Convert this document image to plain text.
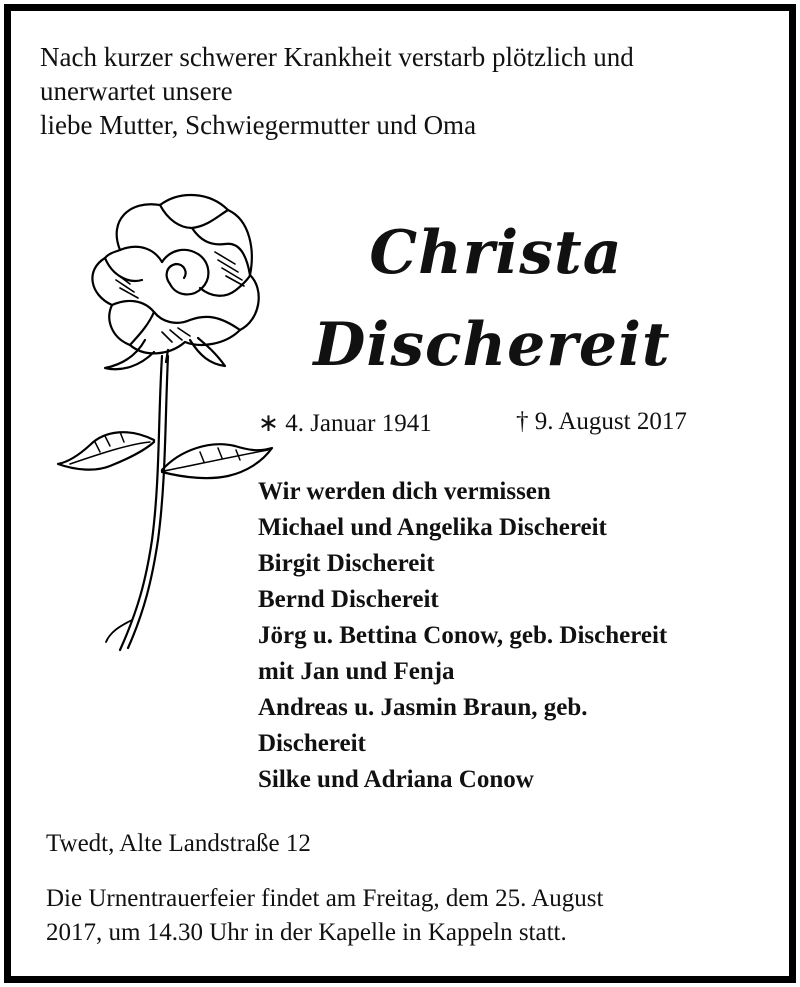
Nach kurzer schwerer Krankheit verstarb plötzlich und
unerwartet unsere
liebe Mutter, Schwiegermutter und Oma
Christa
Dischereit
∗ 4. Januar 1941	† 9. August 2017
Wir werden dich vermissen
Michael und Angelika Dischereit
Birgit Dischereit
Bernd Dischereit
Jörg u. Bettina Conow, geb. Dischereit
mit Jan und Fenja
Andreas u. Jasmin Braun, geb.
Dischereit
Silke und Adriana Conow
Twedt, Alte Landstraße 12
Die Urnentrauerfeier findet am Freitag, dem 25. August
2017, um 14.30 Uhr in der Kapelle in Kappeln statt.
